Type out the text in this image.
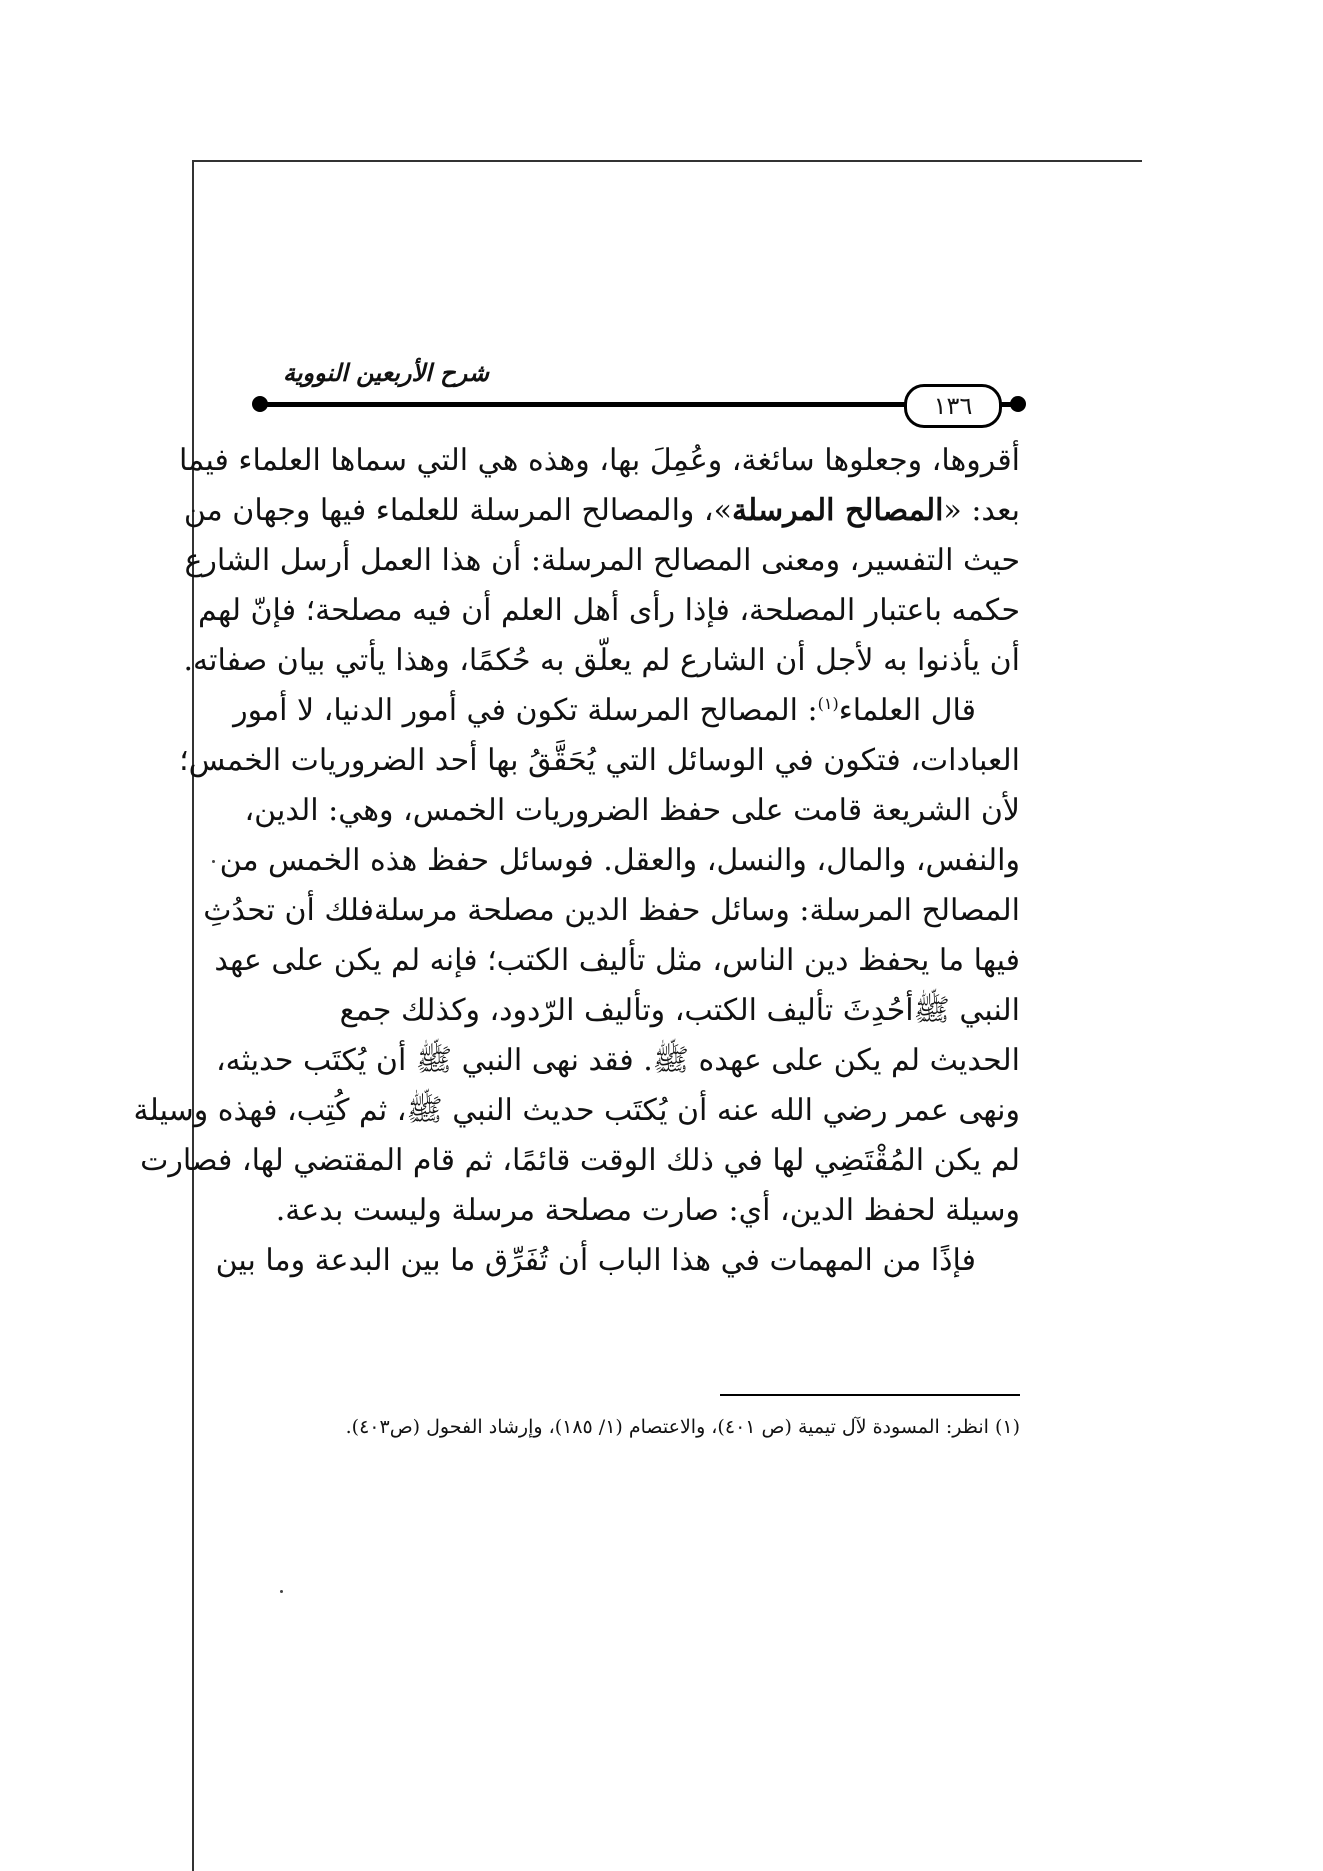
شرح الأربعين النووية
١٣٦
أقروها، وجعلوها سائغة، وعُمِلَ بها، وهذه هي التي سماها العلماء فيما
بعد: «المصالح المرسلة»، والمصالح المرسلة للعلماء فيها وجهان من
حيث التفسير، ومعنى المصالح المرسلة: أن هذا العمل أرسل الشارع
حكمه باعتبار المصلحة، فإذا رأى أهل العلم أن فيه مصلحة؛ فإنّ لهم
أن يأذنوا به لأجل أن الشارع لم يعلّق به حُكمًا، وهذا يأتي بيان صفاته.
قال العلماء$^{(١)}$: المصالح المرسلة تكون في أمور الدنيا، لا أمور
العبادات، فتكون في الوسائل التي يُحَقَّقُ بها أحد الضروريات الخمس؛
لأن الشريعة قامت على حفظ الضروريات الخمس، وهي: الدين،
والنفس، والمال، والنسل، والعقل. فوسائل حفظ هذه الخمس من
المصالح المرسلة: وسائل حفظ الدين مصلحة مرسلةفلك أن تحدُثِ
فيها ما يحفظ دين الناس، مثل تأليف الكتب؛ فإنه لم يكن على عهد
النبي ﷺأحُدِثَ تأليف الكتب، وتأليف الرّدود، وكذلك جمع
الحديث لم يكن على عهده ﷺ. فقد نهى النبي ﷺ أن يُكتَب حديثه،
ونهى عمر رضي الله عنه أن يُكتَب حديث النبي ﷺ، ثم كُتِب، فهذه وسيلة
لم يكن المُقْتَضِي لها في ذلك الوقت قائمًا، ثم قام المقتضي لها، فصارت
وسيلة لحفظ الدين، أي: صارت مصلحة مرسلة وليست بدعة.
فإذًا من المهمات في هذا الباب أن تُفَرِّق ما بين البدعة وما بين
(١) انظر: المسودة لآل تيمية (ص ٤٠١)، والاعتصام (١/ ١٨٥)، وإرشاد الفحول (ص٤٠٣).
